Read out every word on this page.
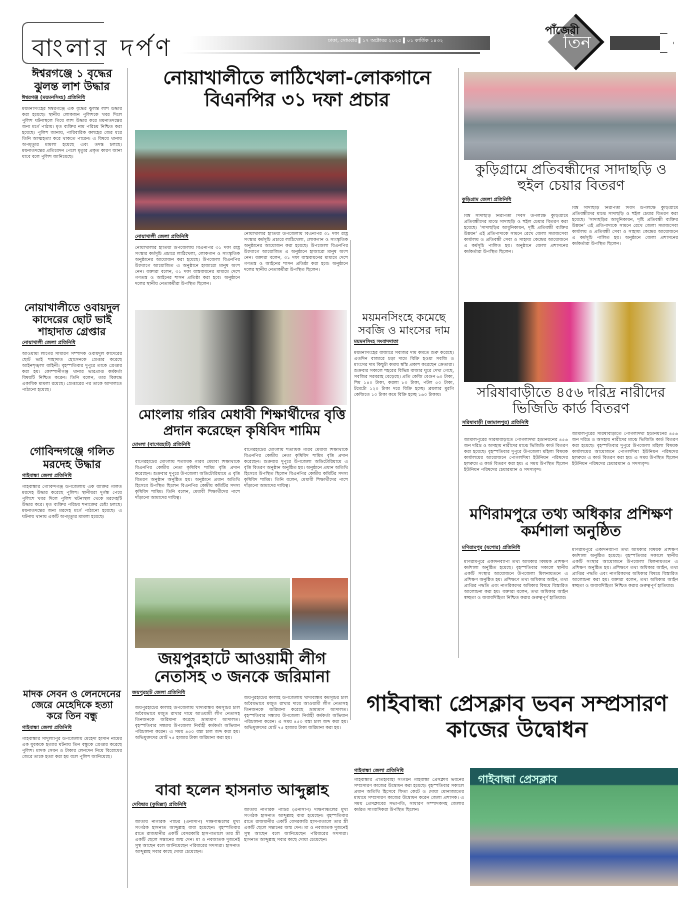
বাংলার দর্পণ	ঢাকা, সোমবার ▌১৭ অক্টোবর ২০২৫ ▌০১ কার্তিক ১৪৩২	তিন
পাঁজেরী
ঈশ্বরগঞ্জে ১ বৃদ্ধের ঝুলন্ত লাশ উদ্ধার
ঈশ্বরগঞ্জ (ময়মনসিংহ) প্রতিনিধি
ময়মনসিংহের ঈশ্বরগঞ্জে এক বৃদ্ধের ঝুলন্ত লাশ উদ্ধার করা হয়েছে। স্থানীয় লোকজন পুলিশকে খবর দিলে পুলিশ ঘটনাস্থলে গিয়ে লাশ উদ্ধার করে ময়নাতদন্তের জন্য মর্গে পাঠায়। মৃত ব্যক্তির নাম পরিচয় নিশ্চিত করা হয়েছে। পুলিশ জানায়, পারিবারিক কলহের জের ধরে তিনি আত্মহত্যা করে থাকতে পারেন। এ বিষয়ে থানায় অপমৃত্যুর মামলা হয়েছে এবং তদন্ত চলছে। ময়নাতদন্তের প্রতিবেদন পেলে মৃত্যুর প্রকৃত কারণ জানা যাবে বলে পুলিশ জানিয়েছে।
নোয়াখালীতে ওবায়দুল কাদেরের ছোট ভাই শাহাদাত গ্রেপ্তার
নোয়াখালী জেলা প্রতিনিধি
আওয়ামী লীগের সাধারণ সম্পাদক ওবায়দুল কাদেরের ছোট ভাই শাহাদাত হোসেনকে গ্রেপ্তার করেছে আইনশৃঙ্খলা বাহিনী। বৃহস্পতিবার দুপুরে তাকে গ্রেপ্তার করা হয়। কোম্পানীগঞ্জ থানার ভারপ্রাপ্ত কর্মকর্তা বিষয়টি নিশ্চিত করেন। তিনি বলেন, তার বিরুদ্ধে একাধিক মামলা রয়েছে। গ্রেপ্তারের পর তাকে আদালতে পাঠানো হয়েছে।
গোবিন্দগঞ্জে গলিত মরদেহ উদ্ধার
গাইবান্ধা জেলা প্রতিনিধি
গাইবান্ধার গোবিন্দগঞ্জ উপজেলায় এক ব্যক্তির গলিত মরদেহ উদ্ধার করেছে পুলিশ। স্থানীয়রা দুর্গন্ধ পেয়ে পুলিশে খবর দিলে পুলিশ ঘটনাস্থল থেকে মরদেহটি উদ্ধার করে। মৃত ব্যক্তির পরিচয় শনাক্তের চেষ্টা চলছে। ময়নাতদন্তের জন্য মরদেহ মর্গে পাঠানো হয়েছে। এ ঘটনায় থানায় একটি অপমৃত্যুর মামলা হয়েছে।
মাদক সেবন ও লেনদেনের জেরে মেহেদিকে হত্যা করে তিন বন্ধু
গাইবান্ধা জেলা প্রতিনিধি
গাইবান্ধার সাদুল্যাপুর উপজেলায় মেহেদী হাসান নামের এক যুবককে হত্যার ঘটনায় তিন বন্ধুকে গ্রেপ্তার করেছে পুলিশ। মাদক সেবন ও টাকার লেনদেন নিয়ে বিরোধের জেরে তাকে হত্যা করা হয় বলে পুলিশ জানিয়েছে।
নোয়াখালীতে লাঠিখেলা-লোকগানে বিএনপির ৩১ দফা প্রচার
নোয়াখালী জেলা প্রতিনিধি
নোয়াখালীর হাতিয়া উপজেলায় বিএনপির ৩১ দফা রাষ্ট্র সংস্কার কর্মসূচি প্রচারে লাঠিখেলা, লোকগান ও সাংস্কৃতিক অনুষ্ঠানের আয়োজন করা হয়েছে। উপজেলা বিএনপির উদ্যোগে আয়োজিত এ অনুষ্ঠানে হাজারো মানুষ অংশ নেন। বক্তারা বলেন, ৩১ দফা বাস্তবায়নের মাধ্যমে দেশে গণতন্ত্র ও আইনের শাসন প্রতিষ্ঠা করা হবে। অনুষ্ঠানে দলের স্থানীয় নেতাকর্মীরা উপস্থিত ছিলেন।
নোয়াখালীর হাতিয়া উপজেলায় বিএনপির ৩১ দফা রাষ্ট্র সংস্কার কর্মসূচি প্রচারে লাঠিখেলা, লোকগান ও সাংস্কৃতিক অনুষ্ঠানের আয়োজন করা হয়েছে। উপজেলা বিএনপির উদ্যোগে আয়োজিত এ অনুষ্ঠানে হাজারো মানুষ অংশ নেন। বক্তারা বলেন, ৩১ দফা বাস্তবায়নের মাধ্যমে দেশে গণতন্ত্র ও আইনের শাসন প্রতিষ্ঠা করা হবে। অনুষ্ঠানে দলের স্থানীয় নেতাকর্মীরা উপস্থিত ছিলেন।
মোংলায় গরিব মেধাবী শিক্ষার্থীদের বৃত্তি প্রদান করেছেন কৃষিবিদ শামিম
মোংলা (বাগেরহাট) প্রতিনিধি
বাগেরহাটের মোংলায় শতাধিক গরিব মেধাবী শিক্ষার্থীকে বিএনপির কেন্দ্রীয় নেতা কৃষিবিদ শামিম বৃত্তি প্রদান করেছেন। শুক্রবার দুপুরে উপজেলা অডিটোরিয়ামে এ বৃত্তি বিতরণ অনুষ্ঠান অনুষ্ঠিত হয়। অনুষ্ঠানে প্রধান অতিথি হিসেবে উপস্থিত ছিলেন বিএনপির কেন্দ্রীয় কমিটির সদস্য কৃষিবিদ শামিম। তিনি বলেন, মেধাবী শিক্ষার্থীদের পাশে দাঁড়ানো আমাদের দায়িত্ব।
বাগেরহাটের মোংলায় শতাধিক গরিব মেধাবী শিক্ষার্থীকে বিএনপির কেন্দ্রীয় নেতা কৃষিবিদ শামিম বৃত্তি প্রদান করেছেন। শুক্রবার দুপুরে উপজেলা অডিটোরিয়ামে এ বৃত্তি বিতরণ অনুষ্ঠান অনুষ্ঠিত হয়। অনুষ্ঠানে প্রধান অতিথি হিসেবে উপস্থিত ছিলেন বিএনপির কেন্দ্রীয় কমিটির সদস্য কৃষিবিদ শামিম। তিনি বলেন, মেধাবী শিক্ষার্থীদের পাশে দাঁড়ানো আমাদের দায়িত্ব।
জয়পুরহাটে আওয়ামী লীগ নেতাসহ ৩ জনকে জরিমানা
জয়পুরহাট জেলা প্রতিনিধি
জয়পুরহাটের কালাই উপজেলায় খাদ্যবান্ধব কর্মসূচির চাল অবৈধভাবে মজুত রাখার দায়ে আওয়ামী লীগ নেতাসহ তিনজনকে জরিমানা করেছে ভ্রাম্যমাণ আদালত। বৃহস্পতিবার সন্ধ্যায় উপজেলা নির্বাহী কর্মকর্তা অভিযান পরিচালনা করেন। এ সময় ৪৫০ বস্তা চাল জব্দ করা হয়। অভিযুক্তদের মোট ৭৫ হাজার টাকা জরিমানা করা হয়।
জয়পুরহাটের কালাই উপজেলায় খাদ্যবান্ধব কর্মসূচির চাল অবৈধভাবে মজুত রাখার দায়ে আওয়ামী লীগ নেতাসহ তিনজনকে জরিমানা করেছে ভ্রাম্যমাণ আদালত। বৃহস্পতিবার সন্ধ্যায় উপজেলা নির্বাহী কর্মকর্তা অভিযান পরিচালনা করেন। এ সময় ৪৫০ বস্তা চাল জব্দ করা হয়। অভিযুক্তদের মোট ৭৫ হাজার টাকা জরিমানা করা হয়।
বাবা হলেন হাসনাত আব্দুল্লাহ
দেবিদ্বার (কুমিল্লা) প্রতিনিধি
জাতীয় নাগরিক পার্টির (এনসিপি) দক্ষিণাঞ্চলের মুখ্য সংগঠক হাসনাত আব্দুল্লাহ বাবা হয়েছেন। বৃহস্পতিবার রাতে রাজধানীর একটি বেসরকারি হাসপাতালে তার স্ত্রী একটি ছেলে সন্তানের জন্ম দেন। মা ও নবজাতক দুজনেই সুস্থ আছেন বলে জানিয়েছেন পরিবারের সদস্যরা। হাসনাত আব্দুল্লাহ সবার কাছে দোয়া চেয়েছেন।
জাতীয় নাগরিক পার্টির (এনসিপি) দক্ষিণাঞ্চলের মুখ্য সংগঠক হাসনাত আব্দুল্লাহ বাবা হয়েছেন। বৃহস্পতিবার রাতে রাজধানীর একটি বেসরকারি হাসপাতালে তার স্ত্রী একটি ছেলে সন্তানের জন্ম দেন। মা ও নবজাতক দুজনেই সুস্থ আছেন বলে জানিয়েছেন পরিবারের সদস্যরা। হাসনাত আব্দুল্লাহ সবার কাছে দোয়া চেয়েছেন।
ময়মনসিংহে কমেছে সবজি ও মাংসের দাম
ময়মনসিংহ সংবাদদাতা
ময়মনসিংহের বাজারে সবজির দাম কমতে শুরু করেছে। এতদিন বাজারে চড়া দামে বিক্রি হওয়া সবজি ও মাংসের দাম কিছুটা কমায় স্বস্তি প্রকাশ করেছেন ক্রেতারা। শুক্রবার সকালে শহরের বিভিন্ন বাজার ঘুরে দেখা গেছে, সবজির সরবরাহ বেড়েছে। প্রতি কেজি বেগুন ৬০ টাকা, শিম ১৪০ টাকা, করলা ৮০ টাকা, পটল ৫০ টাকা, টমেটো ১২০ টাকা দরে বিক্রি হচ্ছে। ব্রয়লার মুরগি কেজিতে ১০ টাকা কমে বিক্রি হচ্ছে ১৬০ টাকায়।
কুড়িগ্রামে প্রতিবন্ধীদের সাদাছড়ি ও হুইল চেয়ার বিতরণ
কুড়িগ্রাম জেলা প্রতিনিধি
বিশ্ব সাদাছড়ি নিরাপত্তা দিবস উপলক্ষে কুড়িগ্রামে প্রতিবন্ধীদের মাঝে সাদাছড়ি ও হুইল চেয়ার বিতরণ করা হয়েছে। 'সাদাছড়ির আধুনিকায়ন, দৃষ্টি প্রতিবন্ধী ব্যক্তির উন্নয়ন' এই প্রতিপাদ্যকে সামনে রেখে জেলা সমাজসেবা কার্যালয় ও প্রতিবন্ধী সেবা ও সাহায্য কেন্দ্রের আয়োজনে এ কর্মসূচি পালিত হয়। অনুষ্ঠানে জেলা প্রশাসনের কর্মকর্তারা উপস্থিত ছিলেন।
বিশ্ব সাদাছড়ি নিরাপত্তা দিবস উপলক্ষে কুড়িগ্রামে প্রতিবন্ধীদের মাঝে সাদাছড়ি ও হুইল চেয়ার বিতরণ করা হয়েছে। 'সাদাছড়ির আধুনিকায়ন, দৃষ্টি প্রতিবন্ধী ব্যক্তির উন্নয়ন' এই প্রতিপাদ্যকে সামনে রেখে জেলা সমাজসেবা কার্যালয় ও প্রতিবন্ধী সেবা ও সাহায্য কেন্দ্রের আয়োজনে এ কর্মসূচি পালিত হয়। অনুষ্ঠানে জেলা প্রশাসনের কর্মকর্তারা উপস্থিত ছিলেন।
সরিষাবাড়ীতে ৪৫৬ দরিদ্র নারীদের ভিজিডি কার্ড বিতরণ
সরিষাবাড়ী (জামালপুর) প্রতিনিধি
জামালপুরের সরিষাবাড়ীতে পোগলদিঘা ইউনিয়নের ৪৫৬ জন দরিদ্র ও অসহায় নারীদের মাঝে ভিজিডি কার্ড বিতরণ করা হয়েছে। বৃহস্পতিবার দুপুরে উপজেলা মহিলা বিষয়ক কার্যালয়ের আয়োজনে পোগলদিঘা ইউনিয়ন পরিষদের হলরুমে এ কার্ড বিতরণ করা হয়। এ সময় উপস্থিত ছিলেন ইউনিয়ন পরিষদের চেয়ারম্যান ও সদস্যবৃন্দ।
জামালপুরের সরিষাবাড়ীতে পোগলদিঘা ইউনিয়নের ৪৫৬ জন দরিদ্র ও অসহায় নারীদের মাঝে ভিজিডি কার্ড বিতরণ করা হয়েছে। বৃহস্পতিবার দুপুরে উপজেলা মহিলা বিষয়ক কার্যালয়ের আয়োজনে পোগলদিঘা ইউনিয়ন পরিষদের হলরুমে এ কার্ড বিতরণ করা হয়। এ সময় উপস্থিত ছিলেন ইউনিয়ন পরিষদের চেয়ারম্যান ও সদস্যবৃন্দ।
মণিরামপুরে তথ্য অধিকার প্রশিক্ষণ কর্মশালা অনুষ্ঠিত
মণিরামপুর (যশোর) প্রতিনিধি
মণিরামপুরে একদিনব্যাপী তথ্য অধিকার বিষয়ক প্রশিক্ষণ কর্মশালা অনুষ্ঠিত হয়েছে। বৃহস্পতিবার সকালে স্থানীয় একটি সংস্থার আয়োজনে উপজেলা মিলনায়তনে এ প্রশিক্ষণ অনুষ্ঠিত হয়। প্রশিক্ষণে তথ্য অধিকার আইন, তথ্য প্রাপ্তির পদ্ধতি এবং নাগরিকদের অধিকার বিষয়ে বিস্তারিত আলোচনা করা হয়। বক্তারা বলেন, তথ্য অধিকার আইন স্বচ্ছতা ও জবাবদিহিতা নিশ্চিত করার গুরুত্বপূর্ণ হাতিয়ার।
মণিরামপুরে একদিনব্যাপী তথ্য অধিকার বিষয়ক প্রশিক্ষণ কর্মশালা অনুষ্ঠিত হয়েছে। বৃহস্পতিবার সকালে স্থানীয় একটি সংস্থার আয়োজনে উপজেলা মিলনায়তনে এ প্রশিক্ষণ অনুষ্ঠিত হয়। প্রশিক্ষণে তথ্য অধিকার আইন, তথ্য প্রাপ্তির পদ্ধতি এবং নাগরিকদের অধিকার বিষয়ে বিস্তারিত আলোচনা করা হয়। বক্তারা বলেন, তথ্য অধিকার আইন স্বচ্ছতা ও জবাবদিহিতা নিশ্চিত করার গুরুত্বপূর্ণ হাতিয়ার।
গাইবান্ধা প্রেসক্লাব ভবন সম্প্রসারণ কাজের উদ্বোধন
গাইবান্ধা জেলা প্রতিনিধি
গাইবান্ধার ঐতিহ্যবাহী সংগঠন গাইবান্ধা প্রেসক্লাব ভবনের সম্প্রসারণ কাজের উদ্বোধন করা হয়েছে। বৃহস্পতিবার সকালে প্রধান অতিথি হিসেবে ফিতা কেটে ও দোয়া মোনাজাতের মাধ্যমে সম্প্রসারণ কাজের উদ্বোধন করেন জেলা প্রশাসক। এ সময় প্রেসক্লাবের সভাপতি, সাধারণ সম্পাদকসহ জেলার কর্মরত সাংবাদিকরা উপস্থিত ছিলেন।
গাইবান্ধা প্রেসক্লাব
